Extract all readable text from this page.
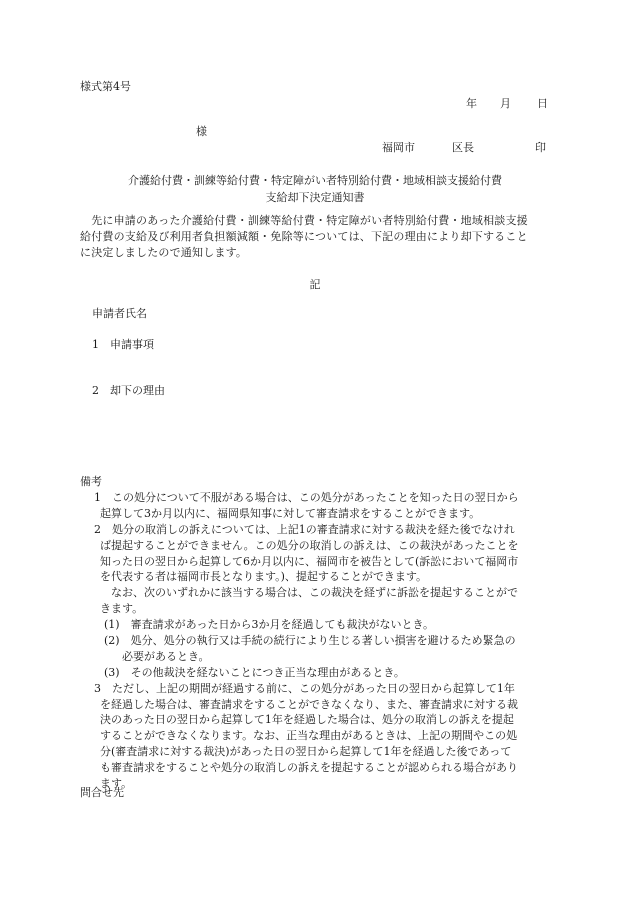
様式第4号
年 月 日
様
福岡市	区長	印
介護給付費・訓練等給付費・特定障がい者特別給付費・地域相談支援給付費
支給却下決定通知書
　先に申請のあった介護給付費・訓練等給付費・特定障がい者特別給付費・地域相談支援
給付費の支給及び利用者負担額減額・免除等については、下記の理由により却下すること
に決定しましたので通知します。
記
申請者氏名
1　申請事項
2　却下の理由
備考
1　この処分について不服がある場合は、この処分があったことを知った日の翌日から
起算して3か月以内に、福岡県知事に対して審査請求をすることができます。
2　処分の取消しの訴えについては、上記1の審査請求に対する裁決を経た後でなけれ
ば提起することができません。この処分の取消しの訴えは、この裁決があったことを
知った日の翌日から起算して6か月以内に、福岡市を被告として(訴訟において福岡市
を代表する者は福岡市長となります。)、提起することができます。
なお、次のいずれかに該当する場合は、この裁決を経ずに訴訟を提起することがで
きます。
(1)　審査請求があった日から3か月を経過しても裁決がないとき。
(2)　処分、処分の執行又は手続の続行により生じる著しい損害を避けるため緊急の
必要があるとき。
(3)　その他裁決を経ないことにつき正当な理由があるとき。
3　ただし、上記の期間が経過する前に、この処分があった日の翌日から起算して1年
を経過した場合は、審査請求をすることができなくなり、また、審査請求に対する裁
決のあった日の翌日から起算して1年を経過した場合は、処分の取消しの訴えを提起
することができなくなります。なお、正当な理由があるときは、上記の期間やこの処
分(審査請求に対する裁決)があった日の翌日から起算して1年を経過した後であって
も審査請求をすることや処分の取消しの訴えを提起することが認められる場合があり
ます。
問合せ先
